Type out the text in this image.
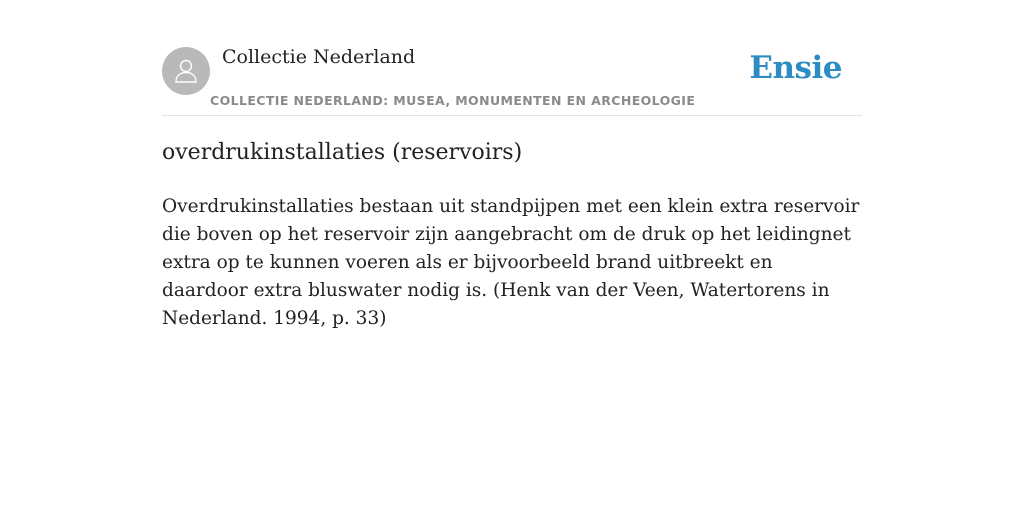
Collectie Nederland
COLLECTIE NEDERLAND: MUSEA, MONUMENTEN EN ARCHEOLOGIE
Ensie
overdrukinstallaties (reservoirs)

Overdrukinstallaties bestaan uit standpijpen met een klein extra reservoir die boven op het reservoir zijn aangebracht om de druk op het leidingnet extra op te kunnen voeren als er bijvoorbeeld brand uitbreekt en daardoor extra bluswater nodig is. (Henk van der Veen, Watertorens in Nederland. 1994, p. 33)
